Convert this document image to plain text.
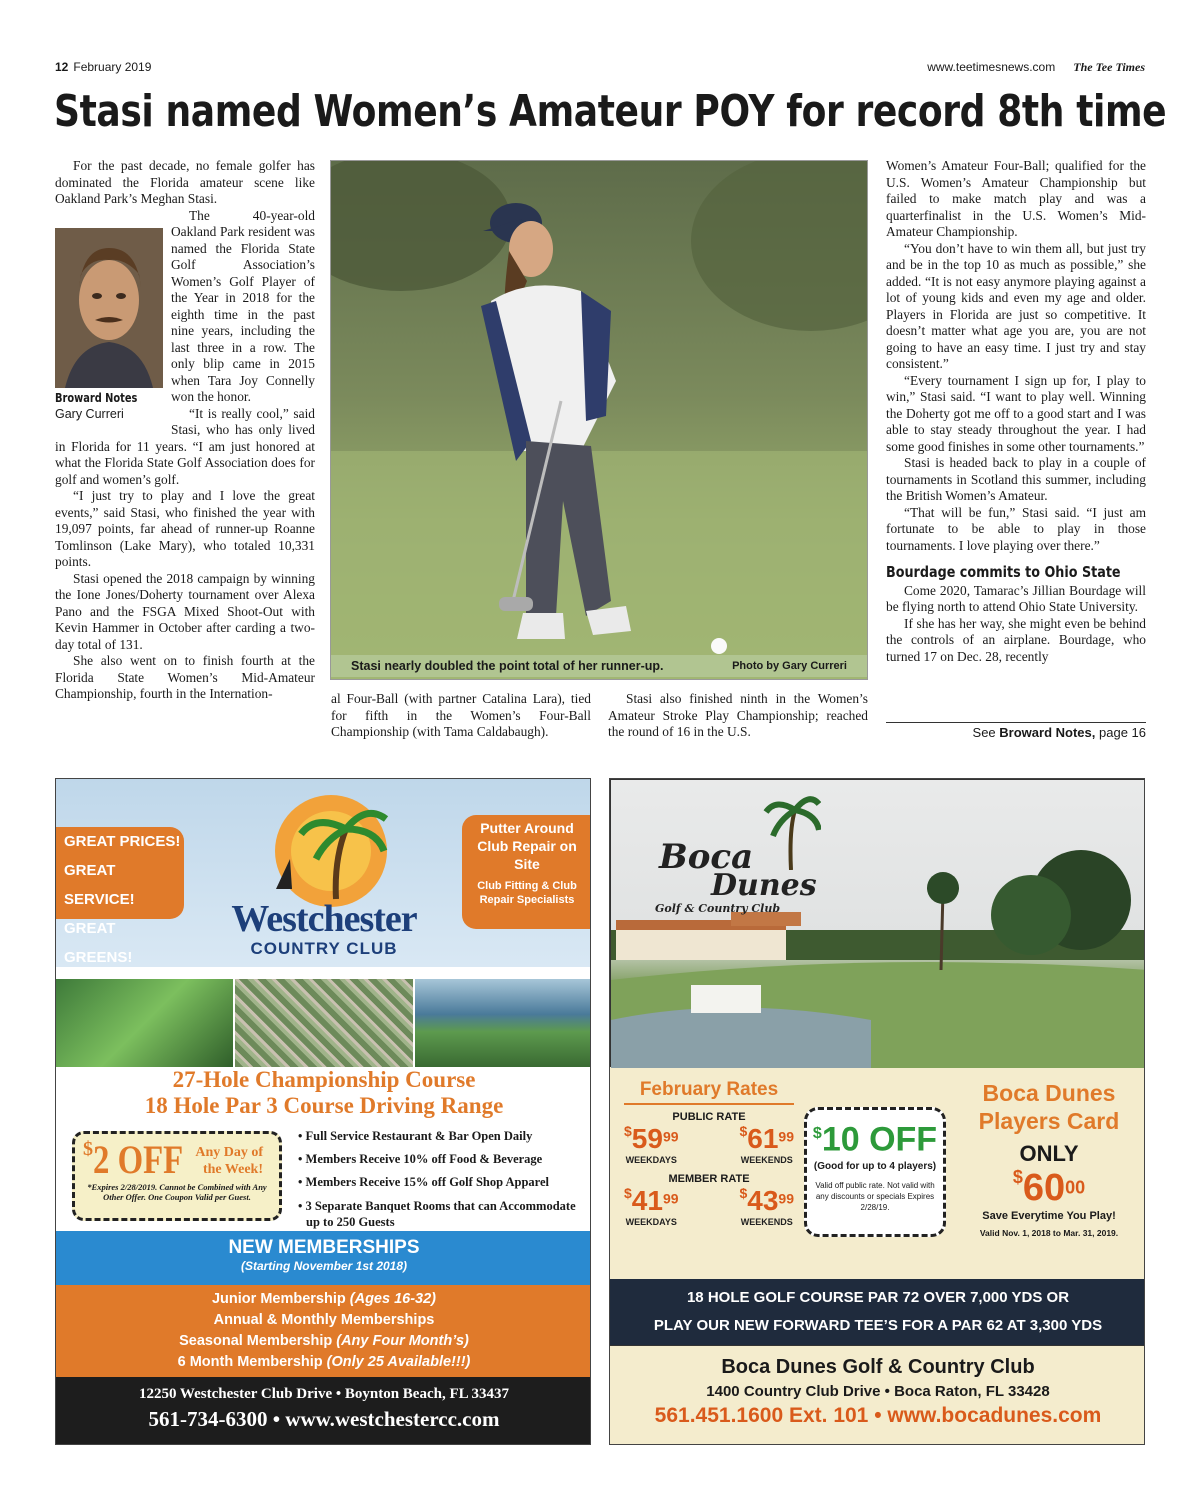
12 February 2019	www.teetimesnews.com The Tee Times
Stasi named Women’s Amateur POY for record 8th time

For the past decade, no female golfer has dominated the Florida amateur scene like Oakland Park’s Meghan Stasi.

Broward Notes
Gary Curreri

The 40-year-old Oakland Park resident was named the Florida State Golf Association’s Women’s Golf Player of the Year in 2018 for the eighth time in the past nine years, including the last three in a row. The only blip came in 2015 when Tara Joy Connelly won the honor.

“It is really cool,” said Stasi, who has only lived in Florida for 11 years. “I am just honored at what the Florida State Golf Association does for golf and women’s golf.

“I just try to play and I love the great events,” said Stasi, who finished the year with 19,097 points, far ahead of runner-up Roanne Tomlinson (Lake Mary), who totaled 10,331 points.

Stasi opened the 2018 campaign by winning the Ione Jones/Doherty tournament over Alexa Pano and the FSGA Mixed Shoot-Out with Kevin Hammer in October after carding a two-day total of 131.

She also went on to finish fourth at the Florida State Women’s Mid-Amateur Championship, fourth in the Internation-

Stasi nearly doubled the point total of her runner-up.	Photo by Gary Curreri

al Four-Ball (with partner Catalina Lara), tied for fifth in the Women’s Four-Ball Championship (with Tama Caldabaugh).

Stasi also finished ninth in the Women’s Amateur Stroke Play Championship; reached the round of 16 in the U.S.

Women’s Amateur Four-Ball; qualified for the U.S. Women’s Amateur Championship but failed to make match play and was a quarterfinalist in the U.S. Women’s Mid-Amateur Championship.

“You don’t have to win them all, but just try and be in the top 10 as much as possible,” she added. “It is not easy anymore playing against a lot of young kids and even my age and older. Players in Florida are just so competitive. It doesn’t matter what age you are, you are not going to have an easy time. I just try and stay consistent.”

“Every tournament I sign up for, I play to win,” Stasi said. “I want to play well. Winning the Doherty got me off to a good start and I was able to stay steady throughout the year. I had some good finishes in some other tournaments.”

Stasi is headed back to play in a couple of tournaments in Scotland this summer, including the British Women’s Amateur.

“That will be fun,” Stasi said. “I just am fortunate to be able to play in those tournaments. I love playing over there.”

Bourdage commits to Ohio State

Come 2020, Tamarac’s Jillian Bourdage will be flying north to attend Ohio State University.

If she has her way, she might even be behind the controls of an airplane. Bourdage, who turned 17 on Dec. 28, recently

See Broward Notes, page 16
GREAT PRICES!
GREAT SERVICE!
GREAT GREENS!
Westchester
COUNTRY CLUB
Putter Around Club Repair on Site
Club Fitting & Club Repair Specialists
27-Hole Championship Course
18 Hole Par 3 Course Driving Range
$ 2 OFF Any Day of the Week!
*Expires 2/28/2019. Cannot be Combined with Any Other Offer. One Coupon Valid per Guest.
• Full Service Restaurant & Bar Open Daily
• Members Receive 10% off Food & Beverage
• Members Receive 15% off Golf Shop Apparel
• 3 Separate Banquet Rooms that can Accommodate up to 250 Guests
NEW MEMBERSHIPS
(Starting November 1st 2018)
Junior Membership (Ages 16-32)
Annual & Monthly Memberships
Seasonal Membership (Any Four Month’s)
6 Month Membership (Only 25 Available!!!)
12250 Westchester Club Drive • Boynton Beach, FL 33437
561-734-6300 • www.westchestercc.com
Boca
Dunes
Golf & Country Club
February Rates
PUBLIC RATE
$\$59^{99}$
WEEKDAYS
$\$61^{99}$
WEEKENDS
MEMBER RATE
$\$41^{99}$
WEEKDAYS
$\$43^{99}$
WEEKENDS
$10 OFF
(Good for up to 4 players)
Valid off public rate. Not valid with any discounts or specials Expires 2/28/19.
Boca Dunes
Players Card
ONLY
$\$60^{00}$
Save Everytime You Play!
Valid Nov. 1, 2018 to Mar. 31, 2019.
18 HOLE GOLF COURSE PAR 72 OVER 7,000 YDS OR
PLAY OUR NEW FORWARD TEE’S FOR A PAR 62 AT 3,300 YDS
Boca Dunes Golf & Country Club
1400 Country Club Drive • Boca Raton, FL 33428
561.451.1600 Ext. 101 • www.bocadunes.com
